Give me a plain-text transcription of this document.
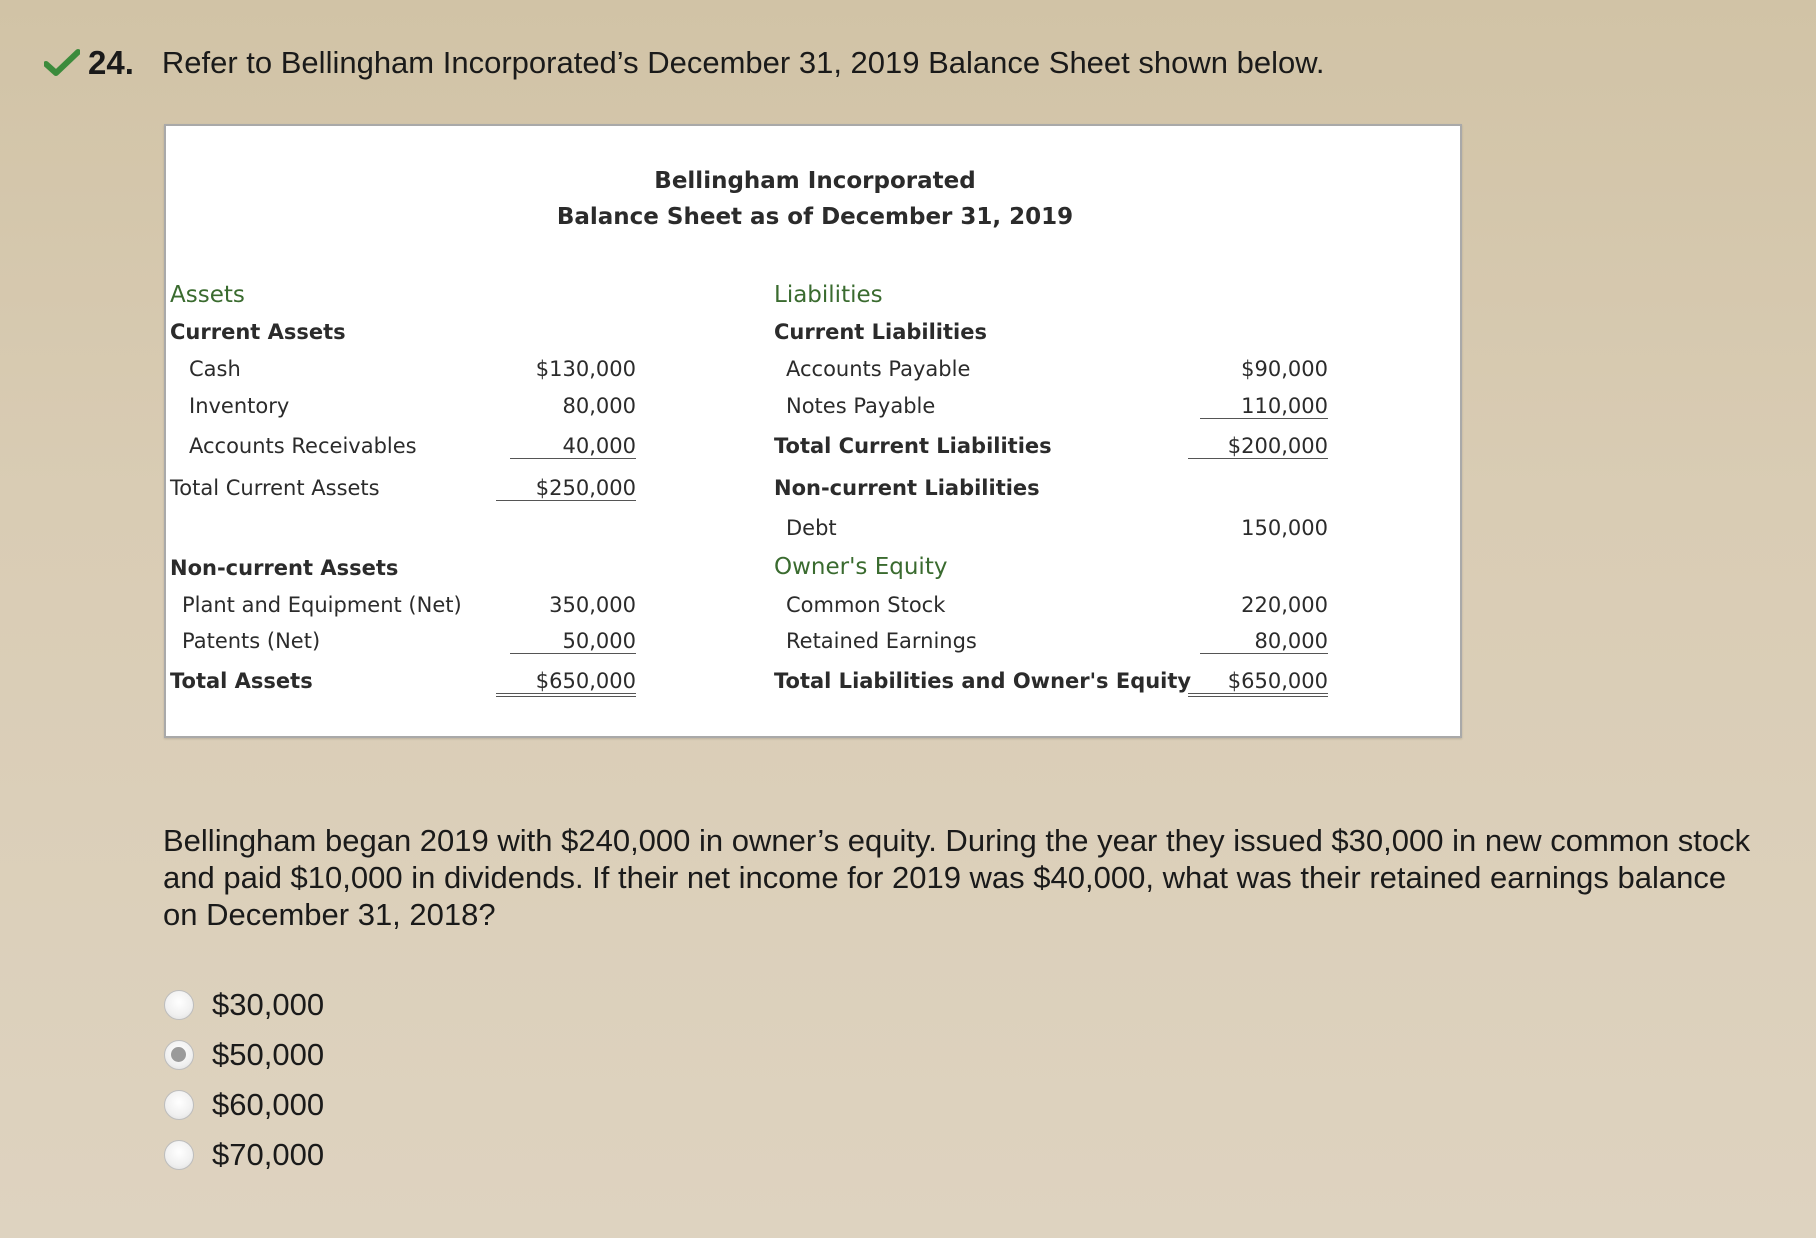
24. Refer to Bellingham Incorporated’s December 31, 2019 Balance Sheet shown below.
Bellingham Incorporated
Balance Sheet as of December 31, 2019
Assets
Current Assets
Cash	$130,000
Inventory	80,000
Accounts Receivables	40,000
Total Current Assets	$250,000
Non-current Assets
Plant and Equipment (Net)	350,000
Patents (Net)	50,000
Total Assets	$650,000
Liabilities
Current Liabilities
Accounts Payable	$90,000
Notes Payable	110,000
Total Current Liabilities	$200,000
Non-current Liabilities
Debt	150,000
Owner's Equity
Common Stock	220,000
Retained Earnings	80,000
Total Liabilities and Owner's Equity	$650,000
Bellingham began 2019 with $240,000 in owner’s equity. During the year they issued $30,000 in new common stock and paid $10,000 in dividends. If their net income for 2019 was $40,000, what was their retained earnings balance on December 31, 2018?
$30,000
$50,000
$60,000
$70,000
